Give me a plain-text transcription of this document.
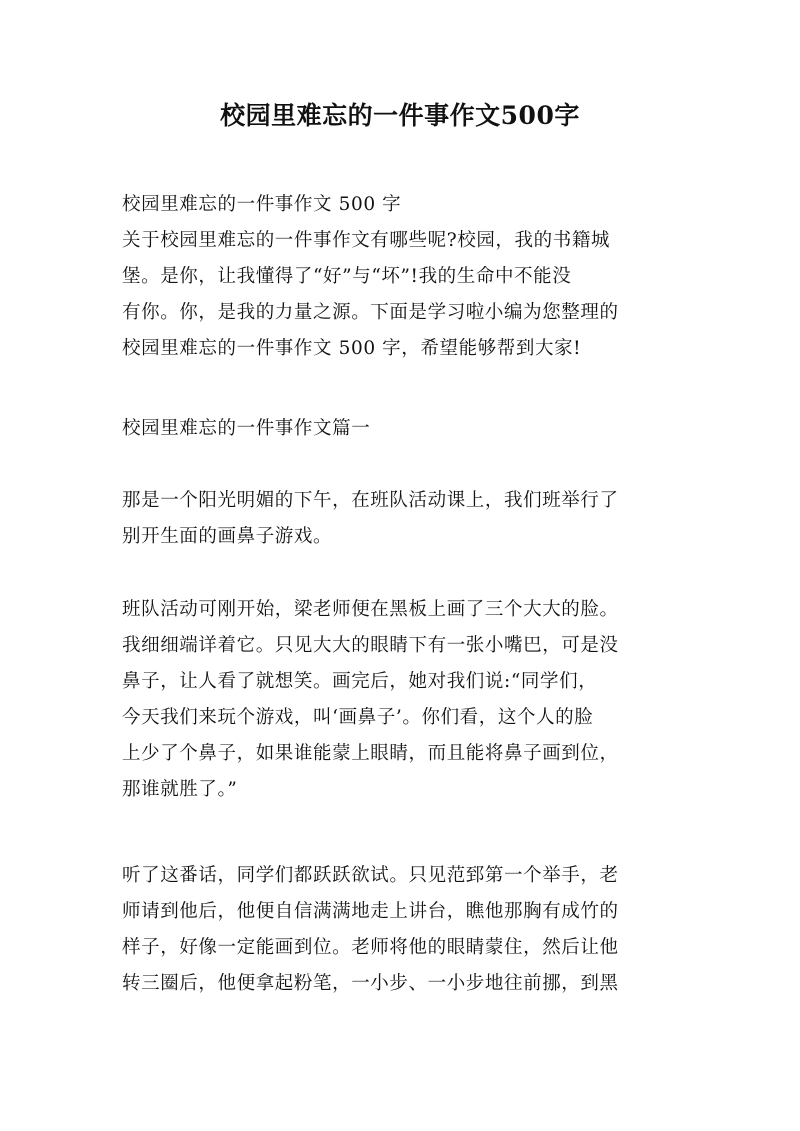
校园里难忘的一件事作文500字
校园里难忘的一件事作文 500 字
关于校园里难忘的一件事作文有哪些呢?校园，我的书籍城
堡。是你，让我懂得了“好”与“坏”!我的生命中不能没
有你。你，是我的力量之源。下面是学习啦小编为您整理的
校园里难忘的一件事作文 500 字，希望能够帮到大家!
校园里难忘的一件事作文篇一
那是一个阳光明媚的下午，在班队活动课上，我们班举行了
别开生面的画鼻子游戏。
班队活动可刚开始，梁老师便在黑板上画了三个大大的脸。
我细细端详着它。只见大大的眼睛下有一张小嘴巴，可是没
鼻子，让人看了就想笑。画完后，她对我们说:“同学们，
今天我们来玩个游戏，叫‘画鼻子’。你们看，这个人的脸
上少了个鼻子，如果谁能蒙上眼睛，而且能将鼻子画到位，
那谁就胜了。”
听了这番话，同学们都跃跃欲试。只见范郅第一个举手，老
师请到他后，他便自信满满地走上讲台，瞧他那胸有成竹的
样子，好像一定能画到位。老师将他的眼睛蒙住，然后让他
转三圈后，他便拿起粉笔，一小步、一小步地往前挪，到黑
